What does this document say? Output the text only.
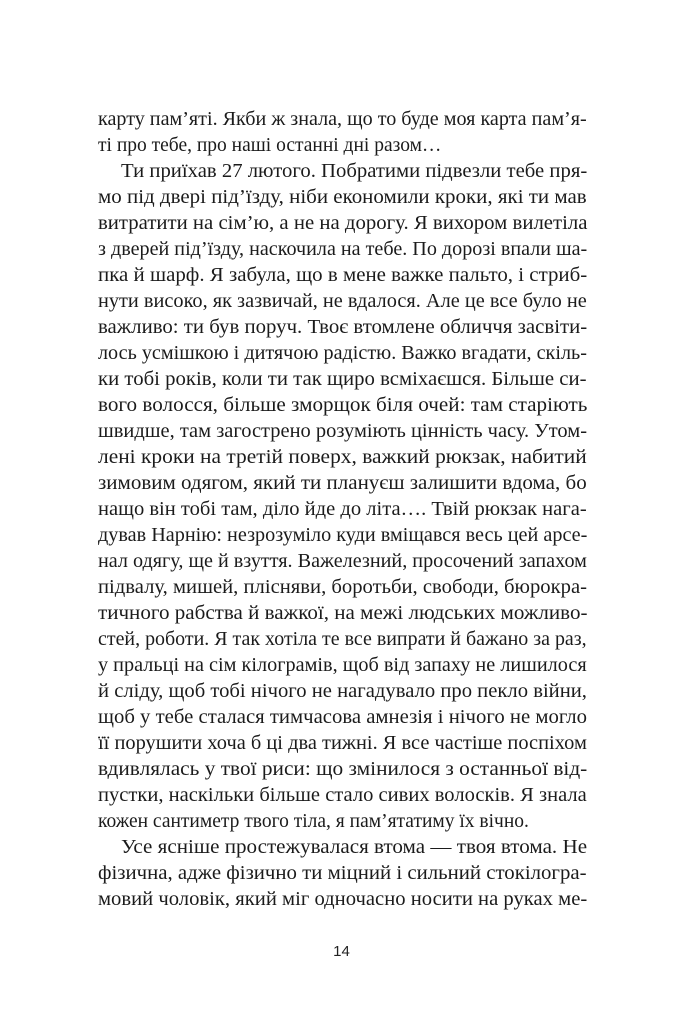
карту пам’яті. Якби ж знала, що то буде моя карта пам’я-
ті про тебе, про наші останні дні разом…
Ти приїхав 27 лютого. Побратими підвезли тебе пря-
мо під двері під’їзду, ніби економили кроки, які ти мав
витратити на сім’ю, а не на дорогу. Я вихором вилетіла
з дверей під’їзду, наскочила на тебе. По дорозі впали ша-
пка й шарф. Я забула, що в мене важке пальто, і стриб-
нути високо, як зазвичай, не вдалося. Але це все було не
важливо: ти був поруч. Твоє втомлене обличчя засвіти-
лось усмішкою і дитячою радістю. Важко вгадати, скіль-
ки тобі років, коли ти так щиро всміхаєшся. Більше си-
вого волосся, більше зморщок біля очей: там старіють
швидше, там загострено розуміють цінність часу. Утом-
лені кроки на третій поверх, важкий рюкзак, набитий
зимовим одягом, який ти плануєш залишити вдома, бо
нащо він тобі там, діло йде до літа…. Твій рюкзак нага-
дував Нарнію: незрозуміло куди вміщався весь цей арсе-
нал одягу, ще й взуття. Важелезний, просочений запахом
підвалу, мишей, плісняви, боротьби, свободи, бюрокра-
тичного рабства й важкої, на межі людських можливо-
стей, роботи. Я так хотіла те все випрати й бажано за раз,
у пральці на сім кілограмів, щоб від запаху не лишилося
й сліду, щоб тобі нічого не нагадувало про пекло війни,
щоб у тебе сталася тимчасова амнезія і нічого не могло
її порушити хоча б ці два тижні. Я все частіше поспіхом
вдивлялась у твої риси: що змінилося з останньої від-
пустки, наскільки більше стало сивих волосків. Я знала
кожен сантиметр твого тіла, я пам’ятатиму їх вічно.
Усе ясніше простежувалася втома — твоя втома. Не
фізична, адже фізично ти міцний і сильний стокілогра-
мовий чоловік, який міг одночасно носити на руках ме-
14
